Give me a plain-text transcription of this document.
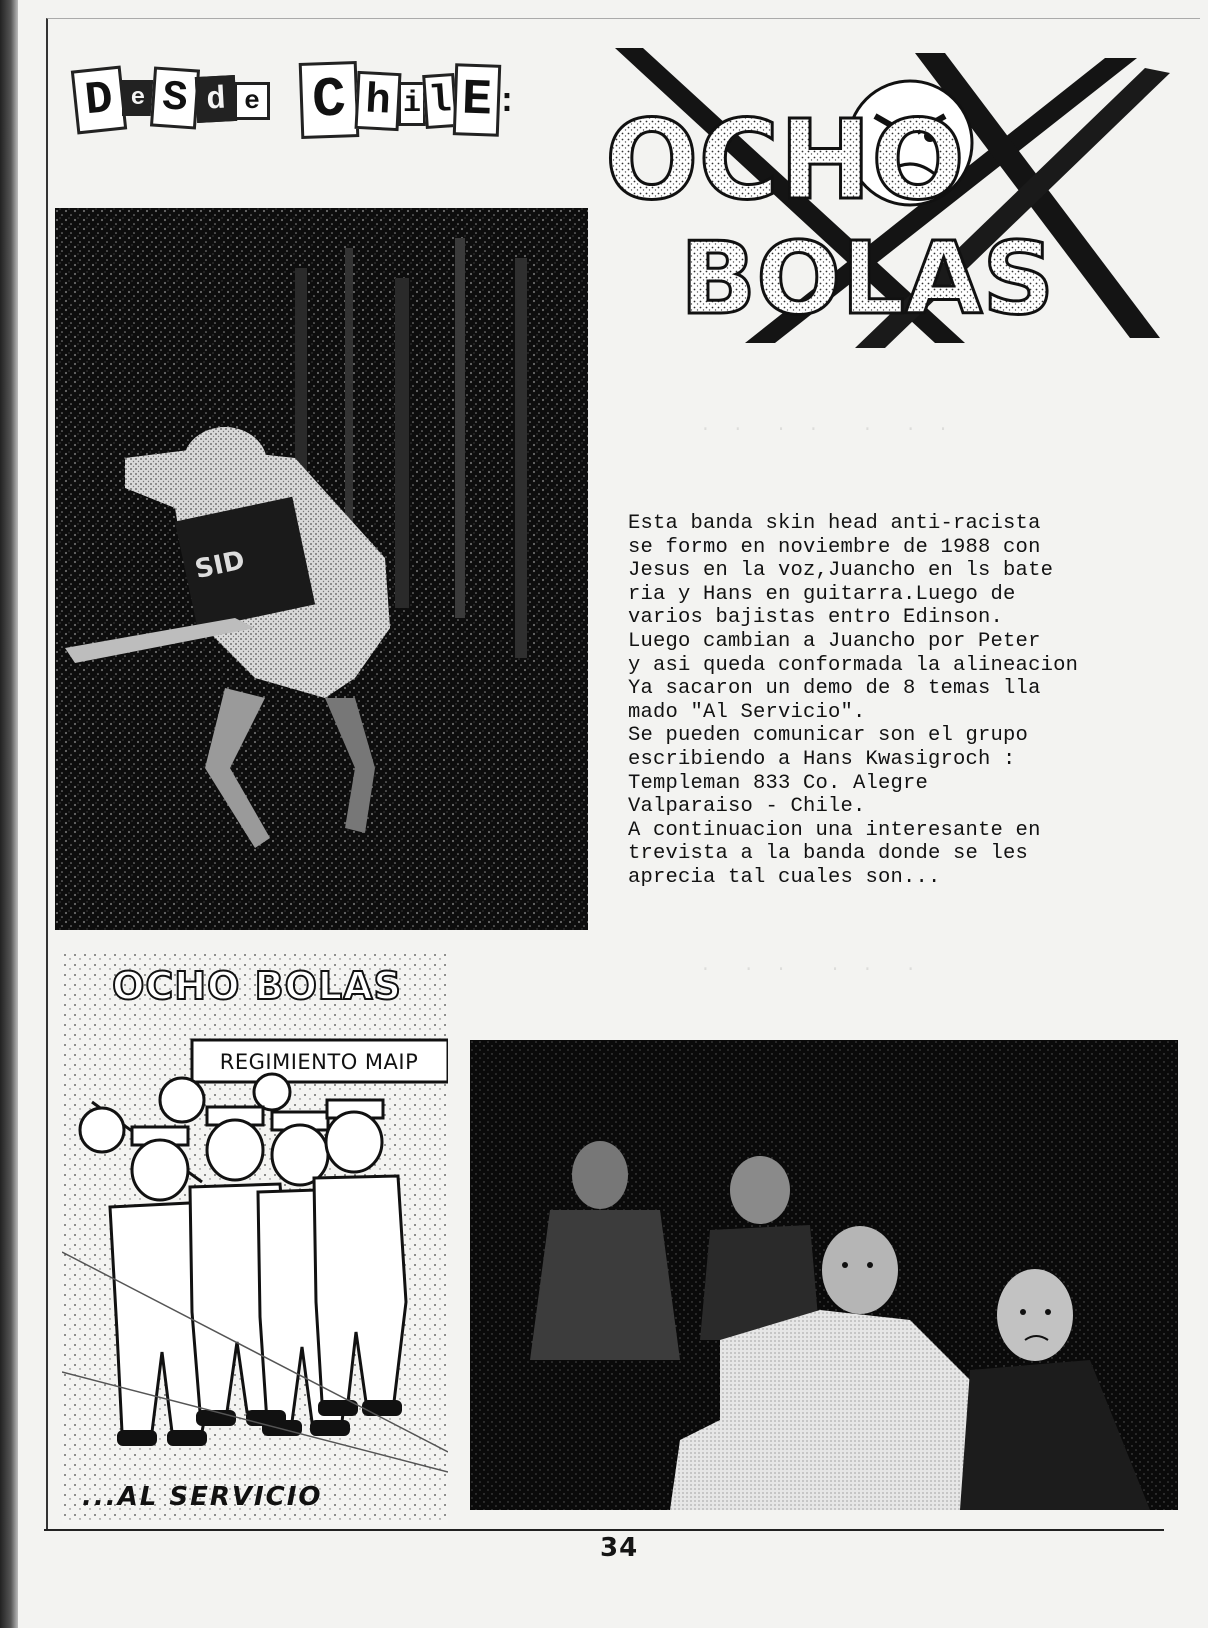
·  ·   ·  ·    ·   ·  ·
·   ·  ·    ·  ·   ·
D e S d e C h i l E : OCHO
BOLAS
SID
Esta banda skin head anti-racista
se formo en noviembre de 1988 con
Jesus en la voz,Juancho en ls bate
ria y Hans en guitarra.Luego de
varios bajistas entro Edinson.
Luego cambian a Juancho por Peter
y asi queda conformada la alineacion
Ya sacaron un demo de 8 temas lla
mado "Al Servicio".
Se pueden comunicar son el grupo
escribiendo a Hans Kwasigroch :
Templeman 833 Co. Alegre
Valparaiso - Chile.
A continuacion una interesante en
trevista a la banda donde se les
aprecia tal cuales son...
OCHO BOLAS
REGIMIENTO MAIP
...AL SERVICIO
34
